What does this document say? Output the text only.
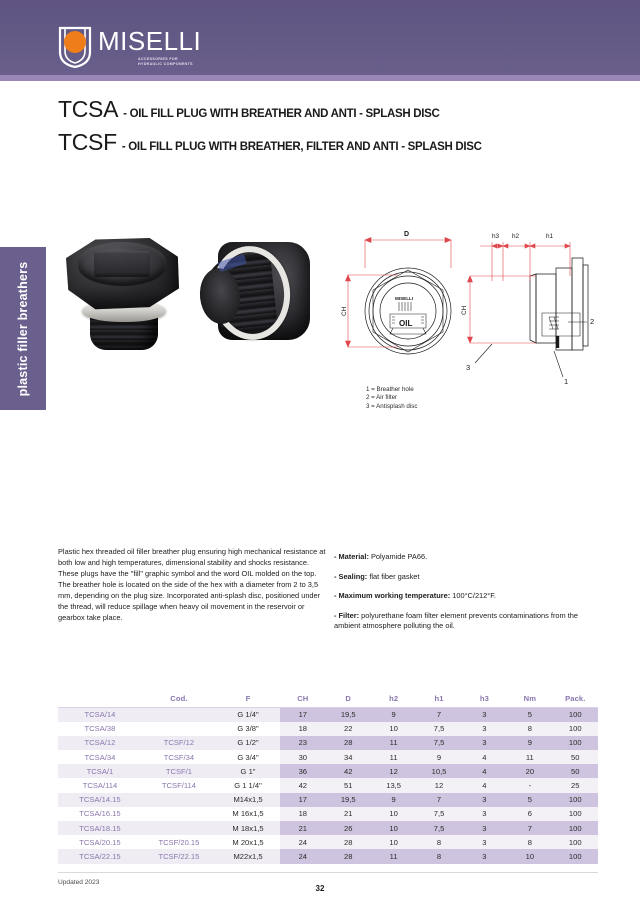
MISELLI
ACCESSORIES FOR
HYDRAULIC COMPONENTS
TCSA - OIL FILL PLUG WITH BREATHER AND ANTI - SPLASH DISC
TCSF - OIL FILL PLUG WITH BREATHER, FILTER AND ANTI - SPLASH DISC
plastic filler breathers	MISELLI
OIL
D	h3 h2	h1
CH	CH
2
3
1
1 = Breather hole
2 = Air filter
3 = Antisplash disc
Plastic hex threaded oil filler breather plug ensuring high mechanical resistance at both low and high temperatures, dimensional stability and shocks resistance. These plugs have the "fill" graphic symbol and the word OIL molded on the top. The breather hole is located on the side of the hex with a diameter from 2 to 3,5 mm, depending on the plug size. Incorporated anti-splash disc, positioned under the thread, will reduce spillage when heavy oil movement in the reservoir or gearbox take place.
- Material: Polyamide PA66.
- Sealing: flat fiber gasket
- Maximum working temperature: 100°C/212°F.
- Filter: polyurethane foam filter element prevents contaminations from the ambient atmosphere polluting the oil.
	Cod.	F	CH	D	h2	h1	h3	Nm	Pack.
TCSA/14		G 1/4"	17	19,5	9	7	3	5	100
TCSA/38		G 3/8"	18	22	10	7,5	3	8	100
TCSA/12	TCSF/12	G 1/2"	23	28	11	7,5	3	9	100
TCSA/34	TCSF/34	G 3/4"	30	34	11	9	4	11	50
TCSA/1	TCSF/1	G 1"	36	42	12	10,5	4	20	50
TCSA/114	TCSF/114	G 1 1/4"	42	51	13,5	12	4	-	25
TCSA/14.15		M14x1,5	17	19,5	9	7	3	5	100
TCSA/16.15		M 16x1,5	18	21	10	7,5	3	6	100
TCSA/18.15		M 18x1,5	21	26	10	7,5	3	7	100
TCSA/20.15	TCSF/20.15	M 20x1,5	24	28	10	8	3	8	100
TCSA/22.15	TCSF/22.15	M22x1,5	24	28	11	8	3	10	100
Updated 2023
32
